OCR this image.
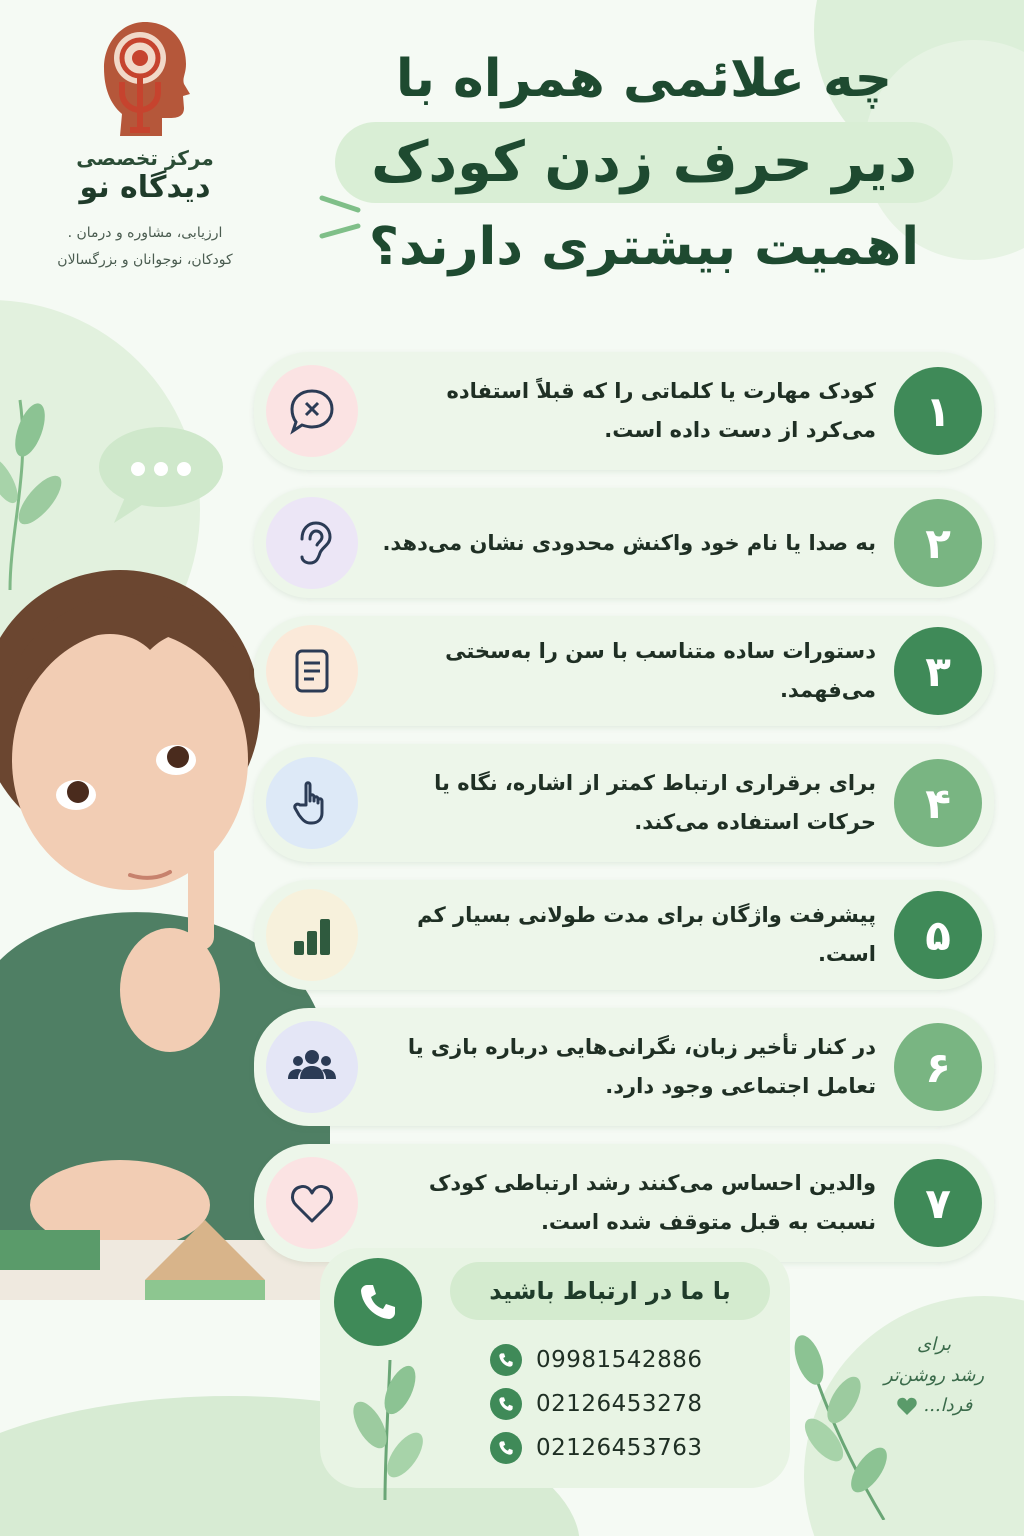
مرکز تخصصی
دیدگاه نو
ارزیابی، مشاوره و درمان .
کودکان، نوجوانان و بزرگسالان
چه علائمی همراه با
دیر حرف زدن کودک
اهمیت بیشتری دارند؟
۱
کودک مهارت یا کلماتی را که قبلاً استفاده می‌کرد از دست داده است.
۲
به صدا یا نام خود واکنش محدودی نشان می‌دهد.
۳
دستورات ساده متناسب با سن را به‌سختی می‌فهمد.
۴
برای برقراری ارتباط کمتر از اشاره، نگاه یا حرکات استفاده می‌کند.
۵
پیشرفت واژگان برای مدت طولانی بسیار کم است.
۶
در کنار تأخیر زبان، نگرانی‌هایی درباره بازی یا تعامل اجتماعی وجود دارد.
۷
والدین احساس می‌کنند رشد ارتباطی کودک نسبت به قبل متوقف شده است.
با ما در ارتباط باشید
09981542886
02126453278
02126453763
برای
رشد روشن‌تر
فردا...
